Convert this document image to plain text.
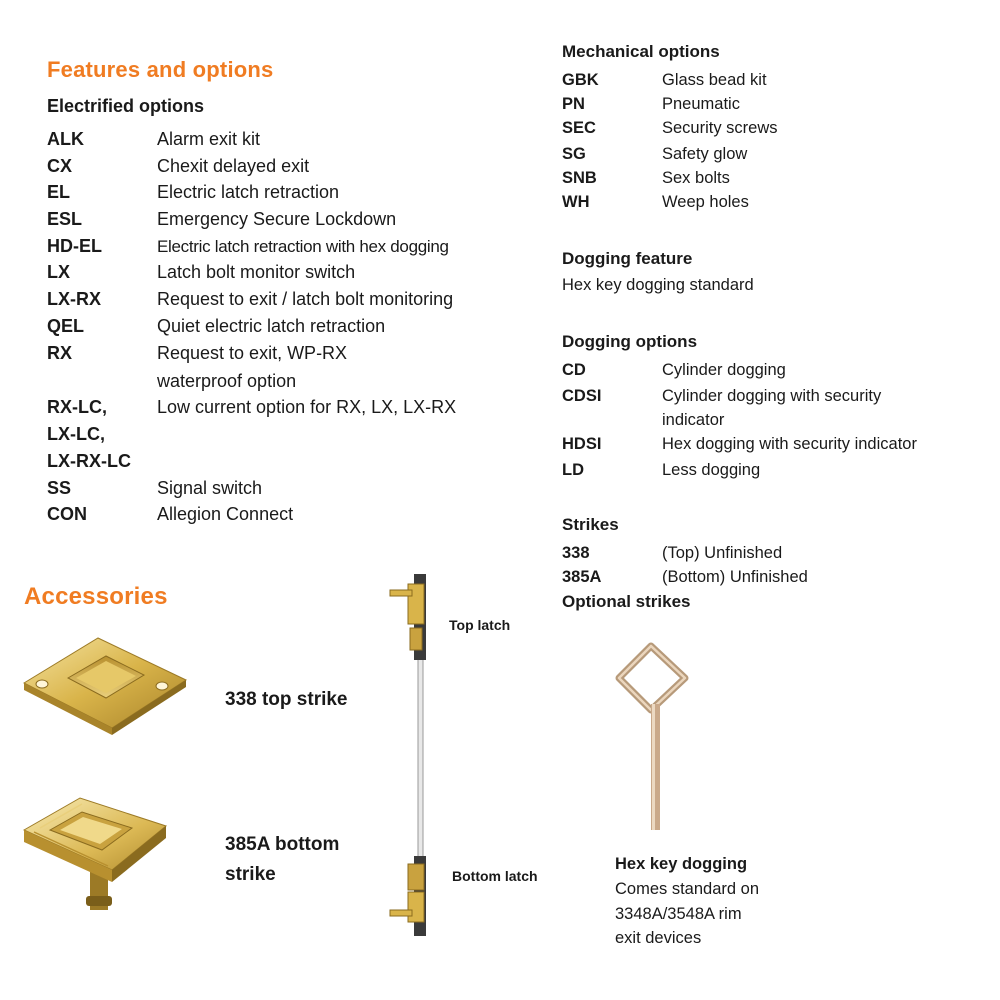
Features and options
Electrified options
ALK	Alarm exit kit
CX	Chexit delayed exit
EL	Electric latch retraction
ESL	Emergency Secure Lockdown
HD-EL	Electric latch retraction with hex dogging
LX	Latch bolt monitor switch
LX-RX	Request to exit / latch bolt monitoring
QEL	Quiet electric latch retraction
RX	Request to exit, WP-RX
waterproof option
RX-LC,	Low current option for RX, LX, LX-RX
LX-LC,
LX-RX-LC
SS	Signal switch
CON	Allegion Connect
Mechanical options
GBK	Glass bead kit
PN	Pneumatic
SEC	Security screws
SG	Safety glow
SNB	Sex bolts
WH	Weep holes
Dogging feature
Hex key dogging standard
Dogging options
CD	Cylinder dogging
CDSI	Cylinder dogging with security
indicator
HDSI	Hex dogging with security indicator
LD	Less dogging
Strikes
338	(Top) Unfinished
385A	(Bottom) Unfinished
Optional strikes
Accessories
338 top strike
385A bottom
strike
Top latch
Bottom latch
Hex key dogging
Comes standard on
3348A/3548A rim
exit devices
